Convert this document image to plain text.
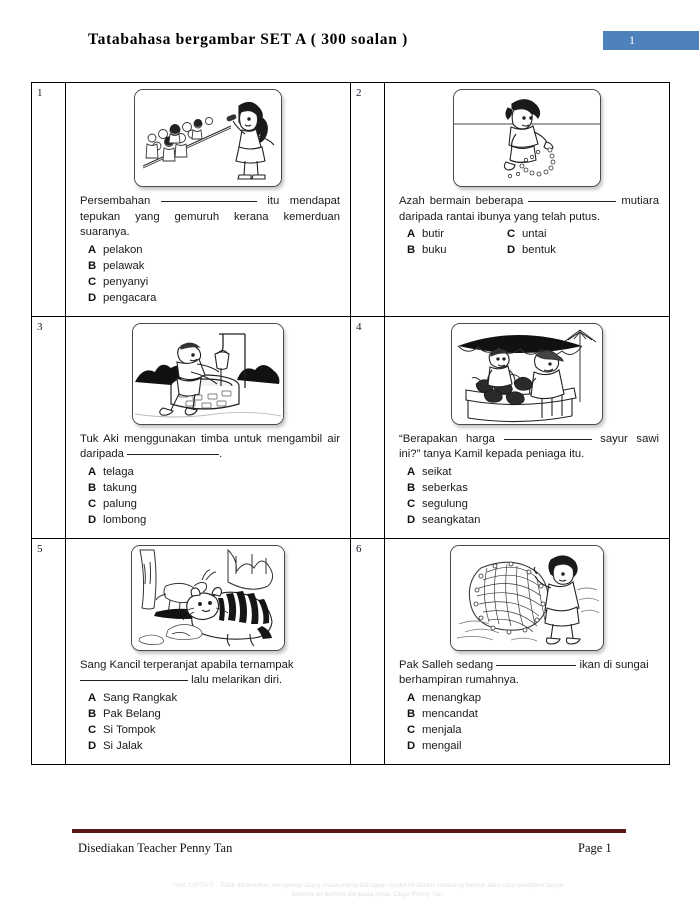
Tatabahasa bergambar SET A ( 300 soalan )	1
1

Persembahan	itu mendapat tepukan yang gemuruh kerana kemerduan suaranya.

A pelakon
B pelawak
C penyanyi
D pengacara

2

Azah bermain beberapa	mutiara daripada rantai ibunya yang telah putus.

A butir	C untai
B buku	D bentuk

3

Tuk Aki menggunakan timba untuk mengambil air daripada	.

A telaga
B takung
C palung
D lombong

4

“Berapakan harga	sayur sawi ini?” tanya Kamil kepada peniaga itu.

A seikat
B seberkas
C segulung
D seangkatan

5

Sang Kancil terperanjat apabila ternampak
lalu melarikan diri.

A Sang Rangkak
B Pak Belang
C Si Tompok
D Si Jalak

6

Pak Salleh sedang	ikan di sungai berhampiran rumahnya.

A menangkap
B mencandat
C menjala
D mengail
Disediakan Teacher Penny Tan	Page 1
HAK CIPTA © : Tidak dibenarkan mengeluar ulang mana-mana bahagian modul ini dalam sebarang bentuk atau cara sekalipun tanpa kebenaran bertulis daripada pihak Cikgu Penny Tan.
